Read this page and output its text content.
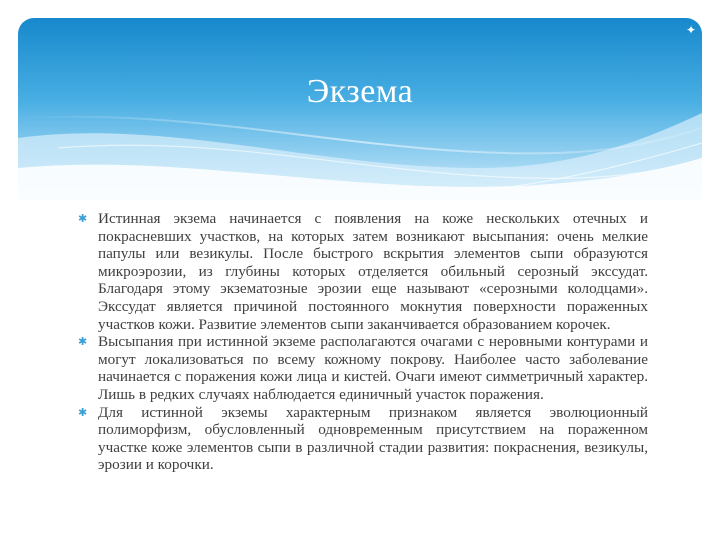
✦
Экзема
✱ Истинная экзема начинается с появления на коже нескольких отечных и покрасневших участков, на которых затем возникают высыпания: очень мелкие папулы или везикулы. После быстрого вскрытия элементов сыпи образуются микроэрозии, из глубины которых отделяется обильный серозный экссудат. Благодаря этому экзематозные эрозии еще называют «серозными колодцами». Экссудат является причиной постоянного мокнутия поверхности пораженных участков кожи. Развитие элементов сыпи заканчивается образованием корочек.
✱ Высыпания при истинной экземе располагаются очагами с неровными контурами и могут локализоваться по всему кожному покрову. Наиболее часто заболевание начинается с поражения кожи лица и кистей. Очаги имеют симметричный характер. Лишь в редких случаях наблюдается единичный участок поражения.
✱ Для истинной экземы характерным признаком является эволюционный полиморфизм, обусловленный одновременным присутствием на пораженном участке коже элементов сыпи в различной стадии развития: покраснения, везикулы, эрозии и корочки.
